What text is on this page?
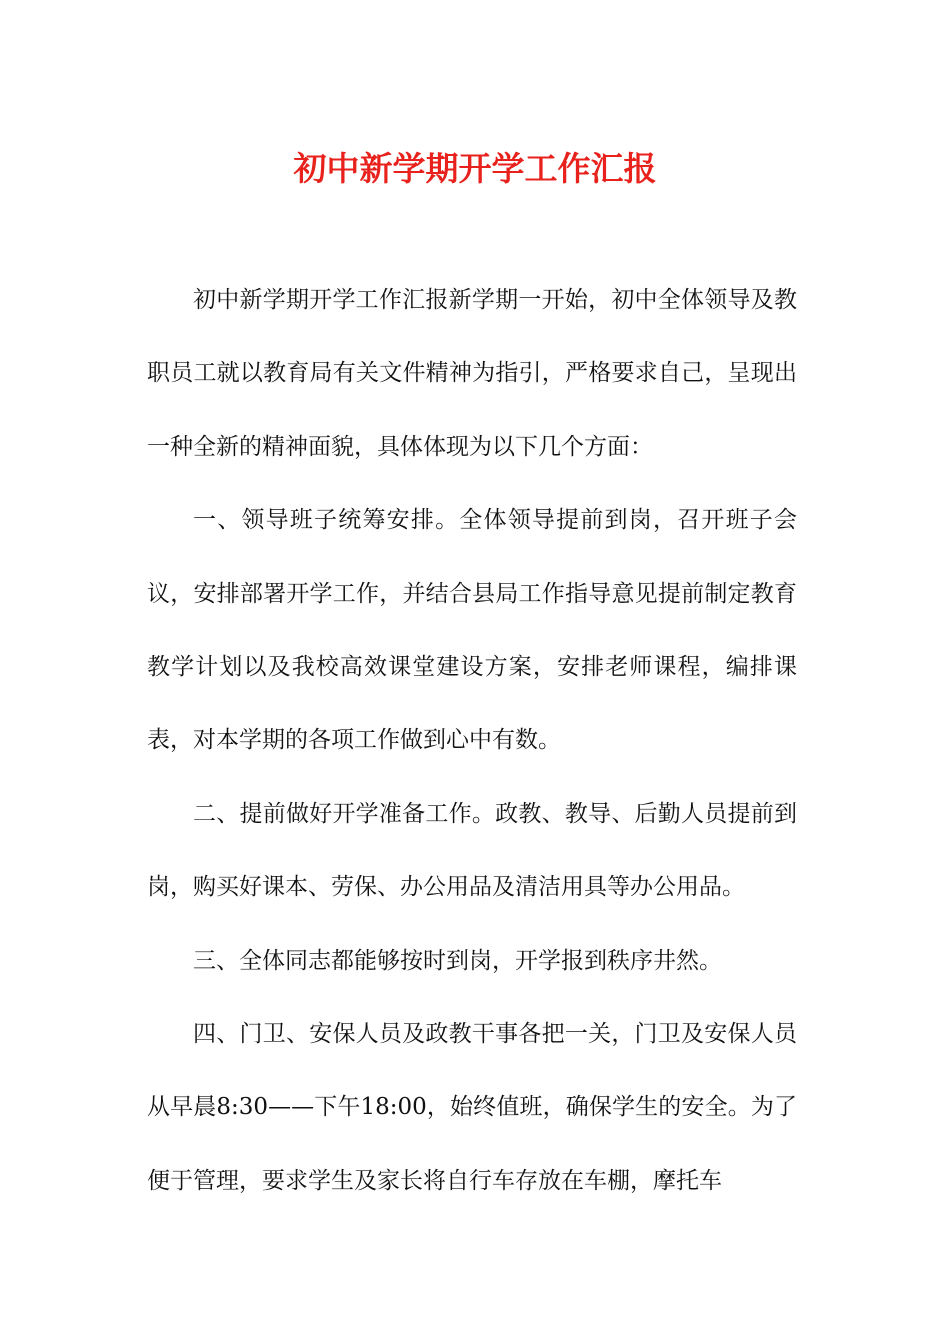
初中新学期开学工作汇报

初中新学期开学工作汇报新学期一开始，初中全体领导及教职员工就以教育局有关文件精神为指引，严格要求自己，呈现出一种全新的精神面貌，具体体现为以下几个方面：

一、领导班子统筹安排。全体领导提前到岗，召开班子会议，安排部署开学工作，并结合县局工作指导意见提前制定教育教学计划以及我校高效课堂建设方案，安排老师课程，编排课表，对本学期的各项工作做到心中有数。

二、提前做好开学准备工作。政教、教导、后勤人员提前到岗，购买好课本、劳保、办公用品及清洁用具等办公用品。

三、全体同志都能够按时到岗，开学报到秩序井然。

四、门卫、安保人员及政教干事各把一关，门卫及安保人员从早晨8:30——下午18:00，始终值班，确保学生的安全。为了便于管理，要求学生及家长将自行车存放在车棚，摩托车
